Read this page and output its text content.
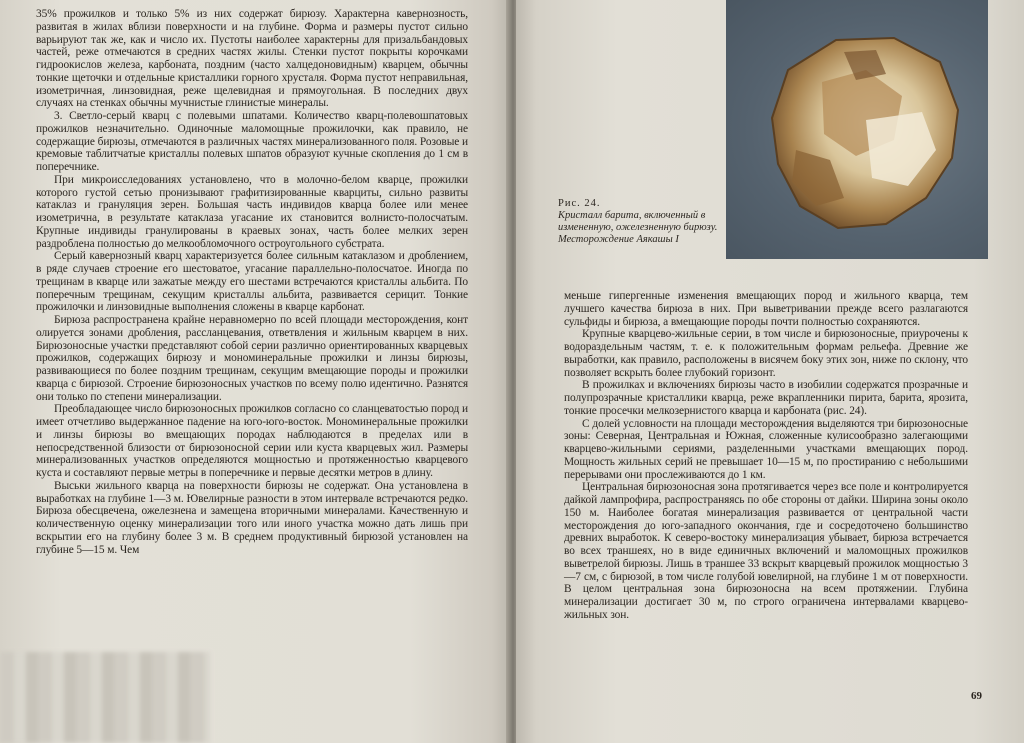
35% прожилков и только 5% из них содержат бирюзу. Характерна кавернозность, развитая в жилах вблизи поверхности и на глубине. Форма и размеры пустот сильно варьируют так же, как и число их. Пустоты наиболее характерны для призальбандовых частей, реже отмечаются в средних частях жилы. Стенки пустот покрыты корочками гидроокислов железа, карбоната, поздним (часто халцедоновидным) кварцем, обычны тонкие щеточки и отдельные кристаллики горного хрусталя. Форма пустот неправильная, изометричная, линзовидная, реже щелевидная и прямоугольная. В последних двух случаях на стенках обычны мучнистые глинистые минералы.

3. Светло-серый кварц с полевыми шпатами. Количество кварц-полевошпатовых прожилков незначительно. Одиночные маломощные прожилочки, как правило, не содержащие бирюзы, отмечаются в различных частях минерализованного поля. Розовые и кремовые таблитчатые кристаллы полевых шпатов образуют кучные скопления до 1 см в поперечнике.

При микроисследованиях установлено, что в молочно-белом кварце, прожилки которого густой сетью пронизывают графитизированные кварциты, сильно развиты катаклаз и грануляция зерен. Большая часть индивидов кварца более или менее изометрична, в результате катаклаза угасание их становится волнисто-полосчатым. Крупные индивиды гранулированы в краевых зонах, часть более мелких зерен раздроблена полностью до мелкообломочного остроугольного субстрата.

Серый кавернозный кварц характеризуется более сильным катаклазом и дроблением, в ряде случаев строение его шестоватое, угасание параллельно-полосчатое. Иногда по трещинам в кварце или зажатые между его шестами встречаются кристаллы альбита. По поперечным трещинам, секущим кристаллы альбита, развивается серицит. Тонкие прожилочки и линзовидные выполнения сложены в кварце карбонат.

Бирюза распространена крайне неравномерно по всей площади месторождения, конт олируется зонами дробления, рассланцевания, ответвления и жильным кварцем в них. Бирюзоносные участки представляют собой серии различно ориентированных кварцевых прожилков, содержащих бирюзу и мономинеральные прожилки и линзы бирюзы, развивающиеся по более поздним трещинам, секущим вмещающие породы и прожилки кварца с бирюзой. Строение бирюзоносных участков по всему полю идентично. Разнятся они только по степени минерализации.

Преобладающее число бирюзоносных прожилков согласно со сланцеватостью пород и имеет отчетливо выдержанное падение на юго-юго-восток. Мономинеральные прожилки и линзы бирюзы во вмещающих породах наблюдаются в пределах или в непосредственной близости от бирюзоносной серии или куста кварцевых жил. Размеры минерализованных участков определяются мощностью и протяженностью кварцевого куста и составляют первые метры в поперечнике и первые десятки метров в длину.

Выськи жильного кварца на поверхности бирюзы не содержат. Она установлена в выработках на глубине 1—3 м. Ювелирные разности в этом интервале встречаются редко. Бирюза обесцвечена, ожелезнена и замещена вторичными минералами. Качественную и количественную оценку минерализации того или иного участка можно дать лишь при вскрытии его на глубину более 3 м. В среднем продуктивный бирюзой установлен на глубине 5—15 м. Чем

Рис. 24.
Кристалл барита, включенный в измененную, ожелезненную бирюзу. Месторождение Аякашы I

меньше гипергенные изменения вмещающих пород и жильного кварца, тем лучшего качества бирюза в них. При выветривании прежде всего разлагаются сульфиды и бирюза, а вмещающие породы почти полностью сохраняются.

Крупные кварцево-жильные серии, в том числе и бирюзоносные, приурочены к водораздельным частям, т. е. к положительным формам рельефа. Древние же выработки, как правило, расположены в висячем боку этих зон, ниже по склону, что позволяет вскрыть более глубокий горизонт.

В прожилках и включениях бирюзы часто в изобилии содержатся прозрачные и полупрозрачные кристаллики кварца, реже вкрапленники пирита, барита, ярозита, тонкие просечки мелкозернистого кварца и карбоната (рис. 24).

С долей условности на площади месторождения выделяются три бирюзоносные зоны: Северная, Центральная и Южная, сложенные кулисообразно залегающими кварцево-жильными сериями, разделенными участками вмещающих пород. Мощность жильных серий не превышает 10—15 м, по простиранию с небольшими перерывами они прослеживаются до 1 км.

Центральная бирюзоносная зона протягивается через все поле и контролируется дайкой лампрофира, распространяясь по обе стороны от дайки. Ширина зоны около 150 м. Наиболее богатая минерализация развивается от центральной части месторождения до юго-западного окончания, где и сосредоточено большинство древних выработок. К северо-востоку минерализация убывает, бирюза встречается во всех траншеях, но в виде единичных включений и маломощных прожилков выветрелой бирюзы. Лишь в траншее 33 вскрыт кварцевый прожилок мощностью 3—7 см, с бирюзой, в том числе голубой ювелирной, на глубине 1 м от поверхности. В целом центральная зона бирюзоносна на всем протяжении. Глубина минерализации достигает 30 м, по строго ограничена интервалами кварцево-жильных зон.

69
